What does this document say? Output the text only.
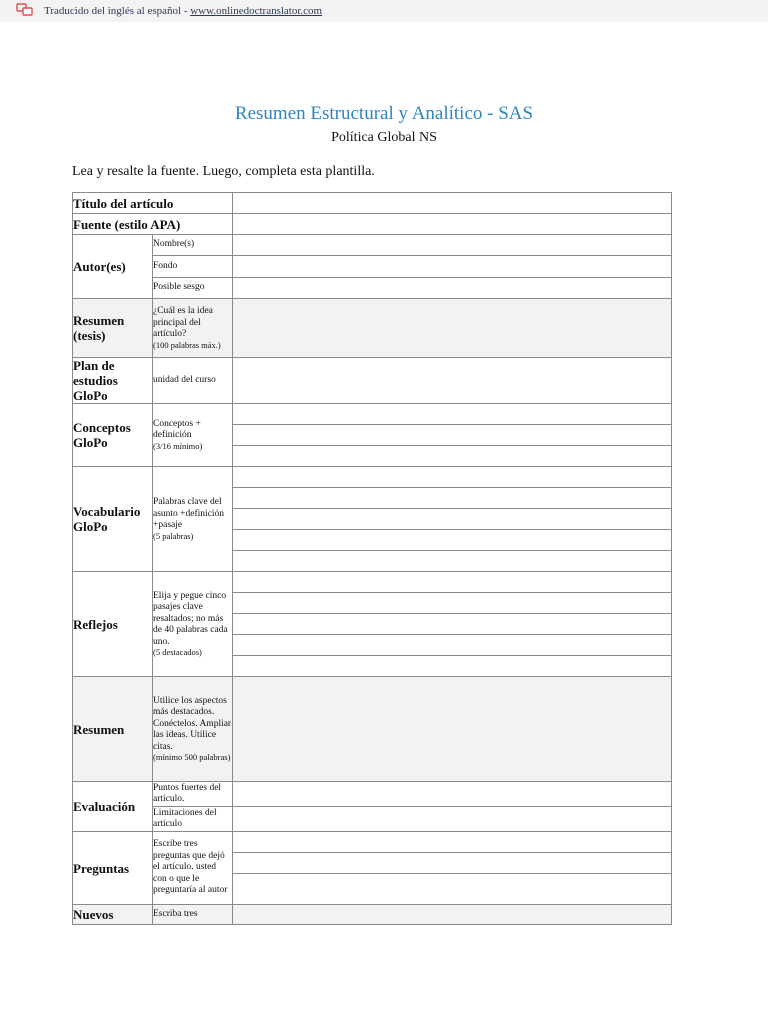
Traducido del inglés al español - www.onlinedoctranslator.com
Resumen Estructural y Analítico - SAS
Política Global NS
Lea y resalte la fuente. Luego, completa esta plantilla.
Título del artículo		
Fuente (estilo APA)		
Autor(es)	Nombre(s)	
	Fondo	
	Posible sesgo	
Resumen (tesis)	¿Cuál es la idea principal del artículo?
(100 palabras máx.)	

Plan de estudios GloPo	unidad del curso	
Conceptos GloPo	Conceptos + definición
(3/16 mínimo)	

Vocabulario GloPo	Palabras clave del asunto +definición +pasaje
(5 palabras)	

Reflejos	Elija y pegue cinco pasajes clave resaltados; no más de 40 palabras cada uno.
(5 destacados)	

Resumen	Utilice los aspectos más destacados. Conéctelos. Ampliar las ideas. Utilice citas.
(mínimo 500 palabras)	

Evaluación	Puntos fuertes del artículo.	
	Limitaciones del artículo	
Preguntas	Escribe tres preguntas que dejó el artículo. usted con o que le preguntaría al autor	

Nuevos	Escriba tres	
